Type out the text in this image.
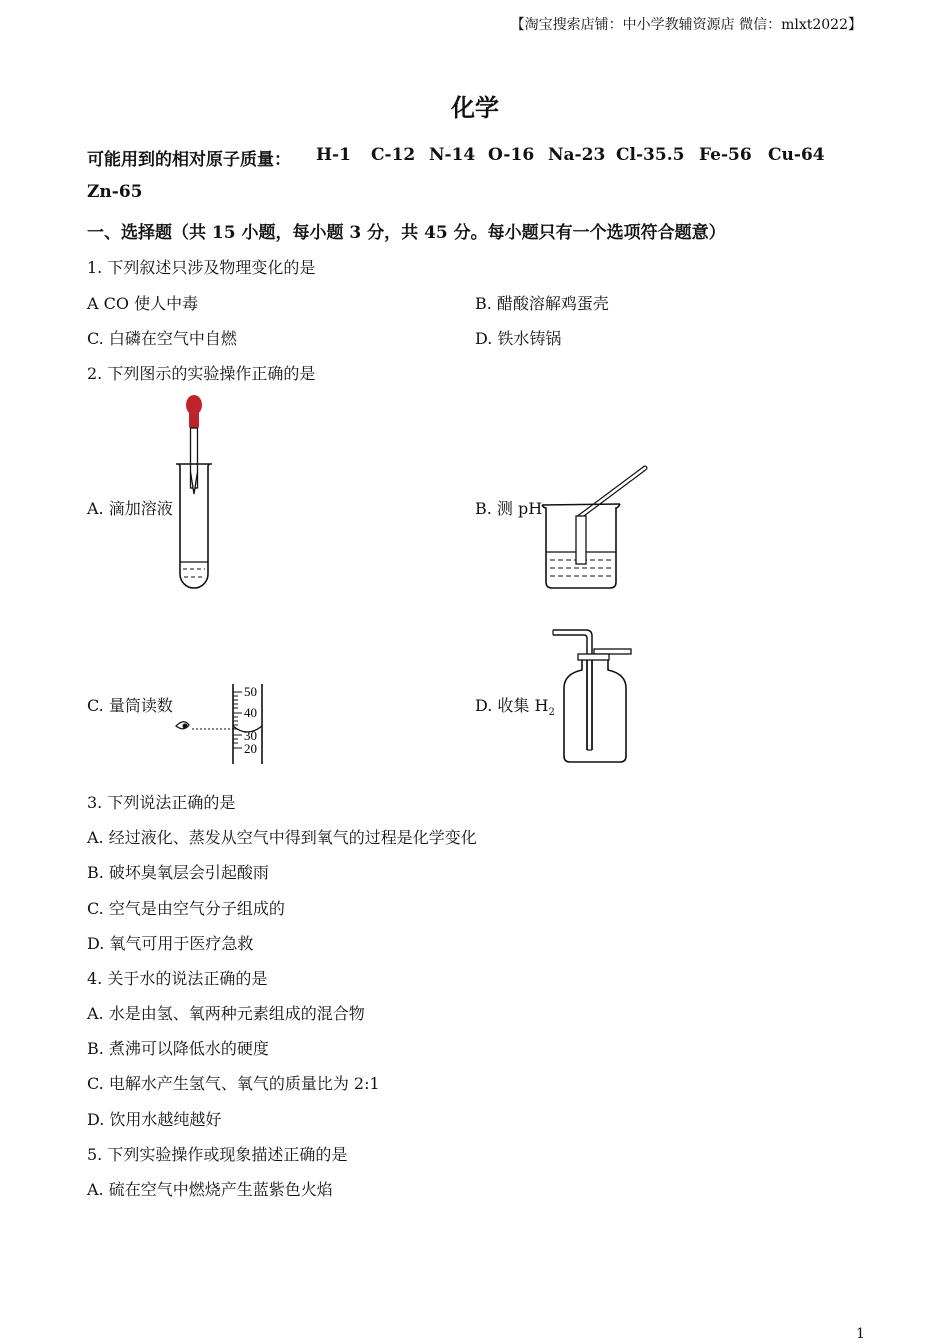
【淘宝搜索店铺：中小学教辅资源店 微信：mlxt2022】
化学
可能用到的相对原子质量： H-1 C-12 N-14 O-16 Na-23 Cl-35.5 Fe-56 Cu-64
Zn-65
一、选择题（共 15 小题，每小题 3 分，共 45 分。每小题只有一个选项符合题意）
1. 下列叙述只涉及物理变化的是
A CO 使人中毒	B. 醋酸溶解鸡蛋壳
C. 白磷在空气中自燃	D. 铁水铸锅
2. 下列图示的实验操作正确的是
A. 滴加溶液	B. 测 pH
C. 量筒读数	D. 收集 $H_2$
50
40
30
20
3. 下列说法正确的是
A. 经过液化、蒸发从空气中得到氧气的过程是化学变化
B. 破坏臭氧层会引起酸雨
C. 空气是由空气分子组成的
D. 氧气可用于医疗急救
4. 关于水的说法正确的是
A. 水是由氢、氧两种元素组成的混合物
B. 煮沸可以降低水的硬度
C. 电解水产生氢气、氧气的质量比为 2:1
D. 饮用水越纯越好
5. 下列实验操作或现象描述正确的是
A. 硫在空气中燃烧产生蓝紫色火焰
1
